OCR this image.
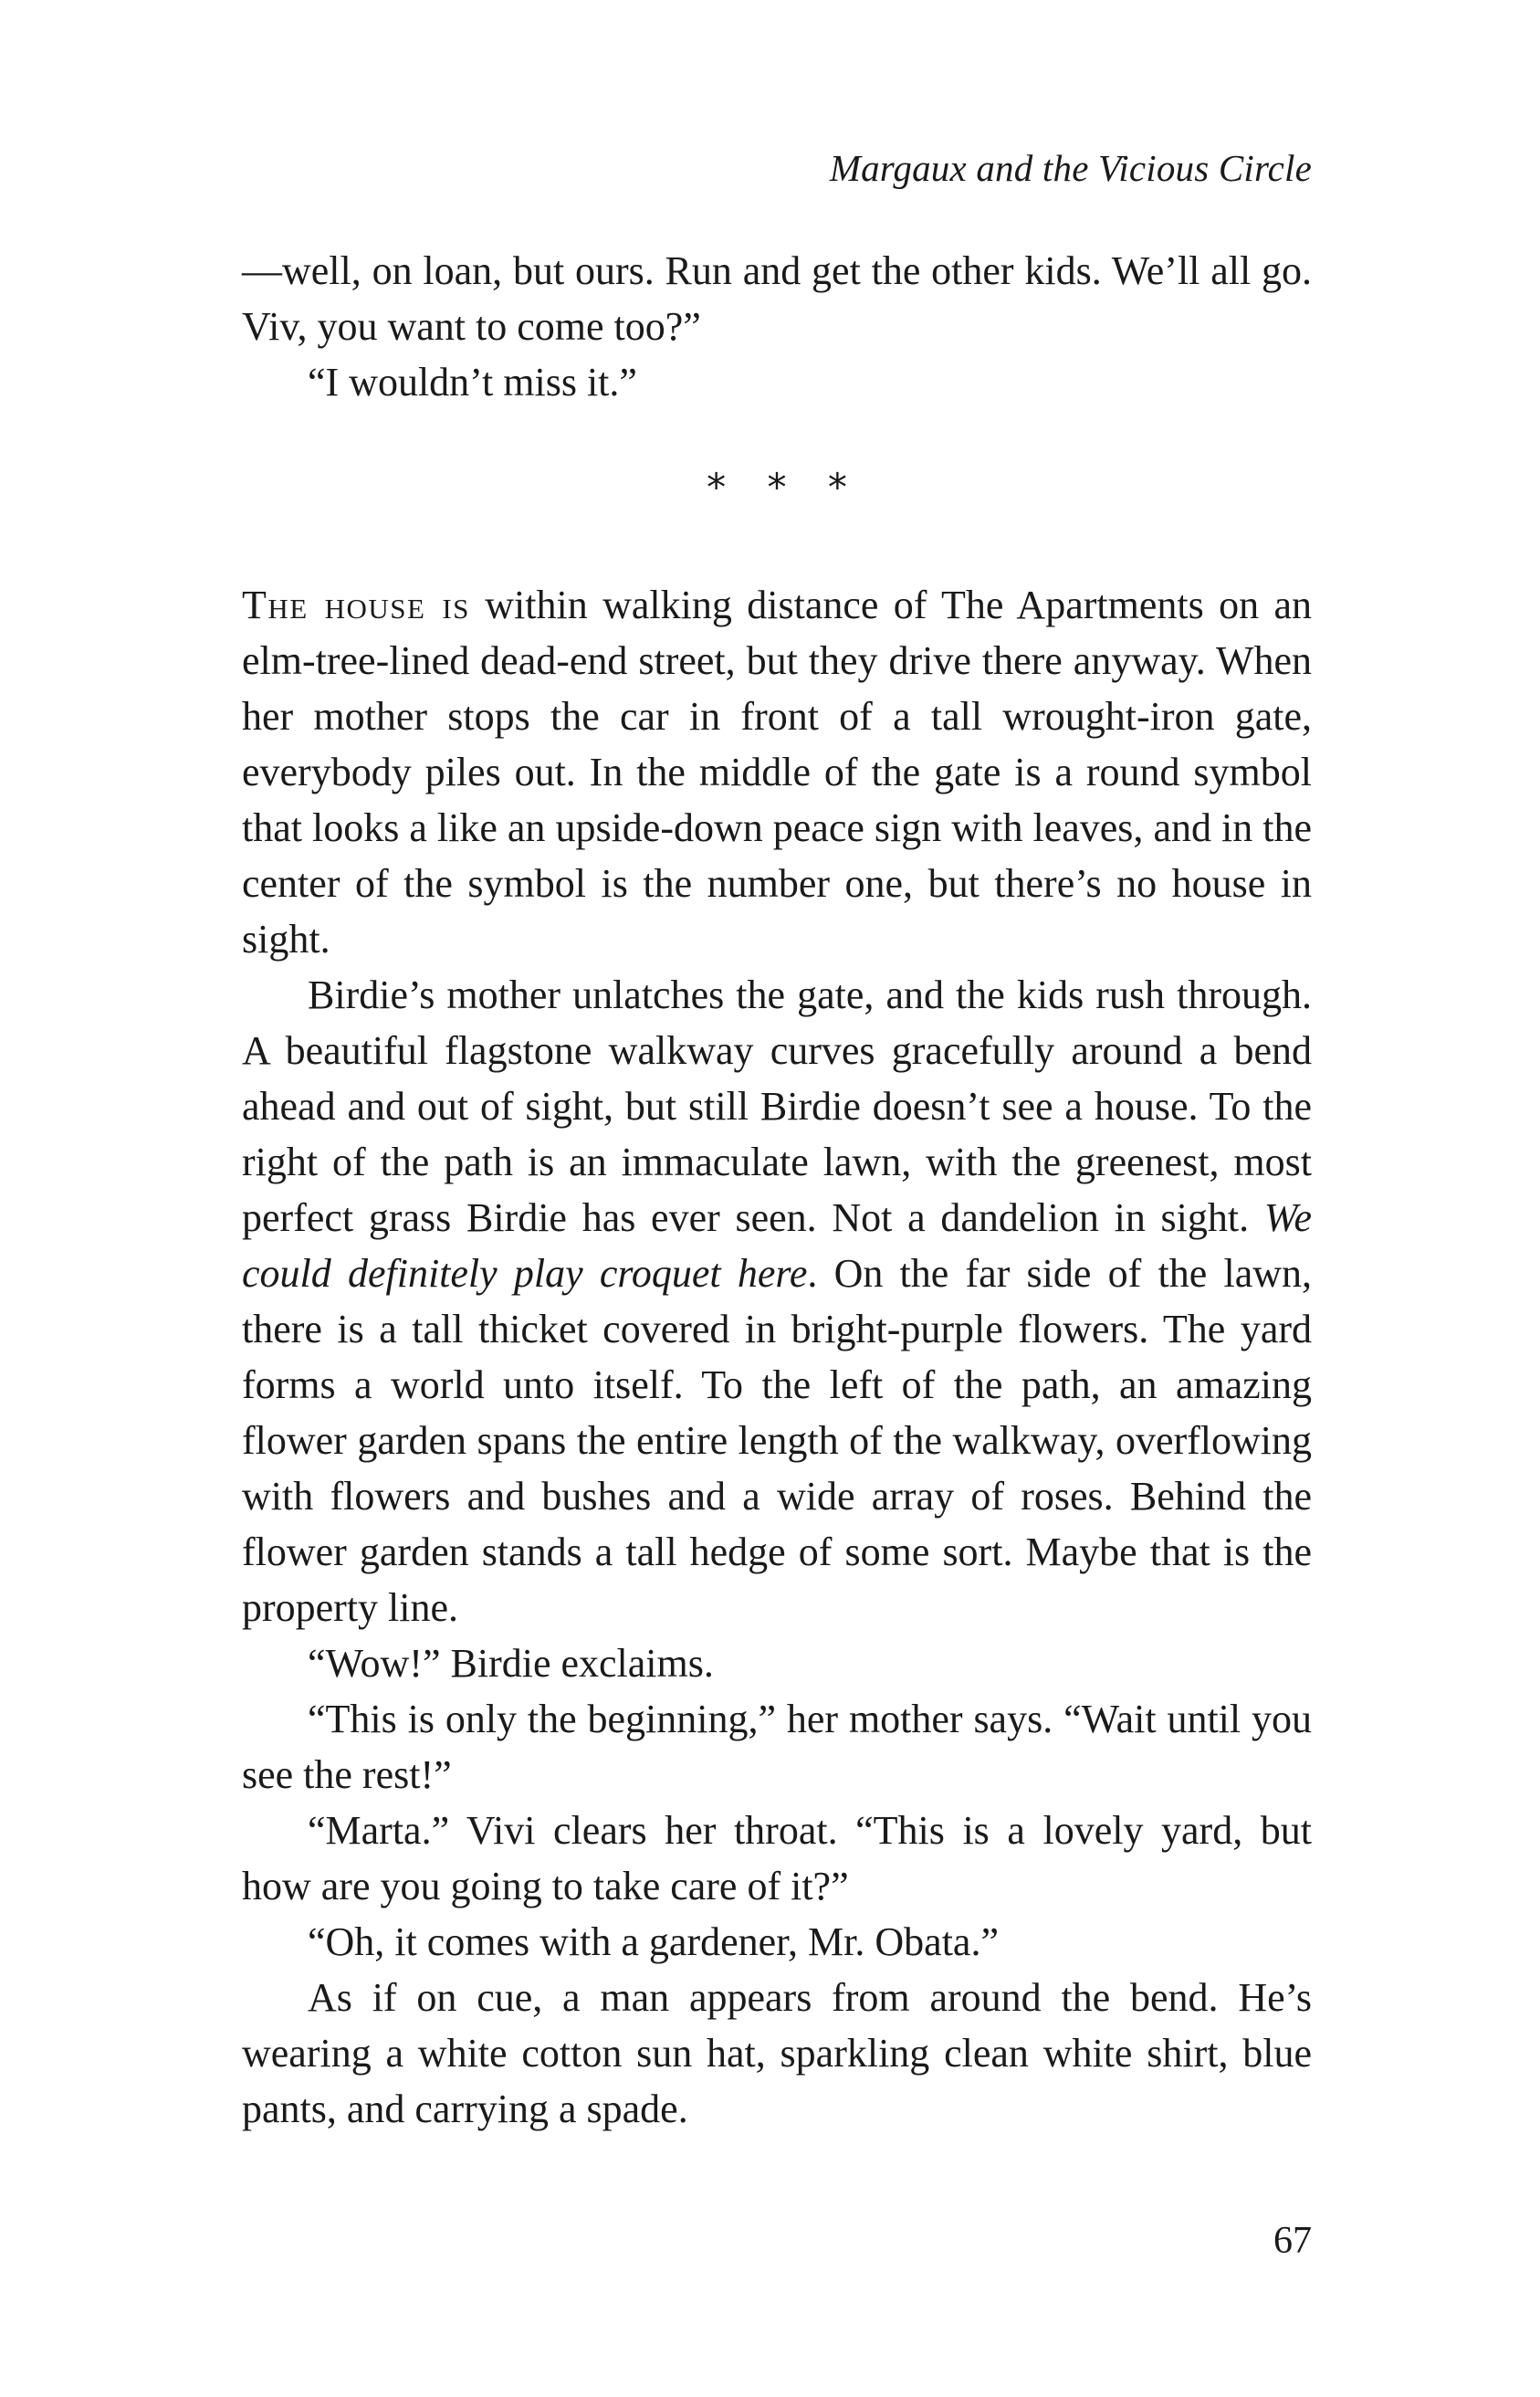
Margaux and the Vicious Circle

—well, on loan, but ours. Run and get the other kids. We’ll all go. Viv, you want to come too?”

“I wouldn’t miss it.”

* * *

The house is within walking distance of The Apartments on an elm-tree-lined dead-end street, but they drive there anyway. When her mother stops the car in front of a tall wrought-iron gate, everybody piles out. In the middle of the gate is a round symbol that looks a like an upside-down peace sign with leaves, and in the center of the symbol is the number one, but there’s no house in sight.

Birdie’s mother unlatches the gate, and the kids rush through. A beautiful flagstone walkway curves gracefully around a bend ahead and out of sight, but still Birdie doesn’t see a house. To the right of the path is an immaculate lawn, with the greenest, most perfect grass Birdie has ever seen. Not a dandelion in sight. We could definitely play croquet here. On the far side of the lawn, there is a tall thicket covered in bright-purple flowers. The yard forms a world unto itself. To the left of the path, an amazing flower garden spans the entire length of the walkway, overflowing with flowers and bushes and a wide array of roses. Behind the flower garden stands a tall hedge of some sort. Maybe that is the property line.

“Wow!” Birdie exclaims.

“This is only the beginning,” her mother says. “Wait until you see the rest!”

“Marta.” Vivi clears her throat. “This is a lovely yard, but how are you going to take care of it?”

“Oh, it comes with a gardener, Mr. Obata.”

As if on cue, a man appears from around the bend. He’s wearing a white cotton sun hat, sparkling clean white shirt, blue pants, and carrying a spade.

67
